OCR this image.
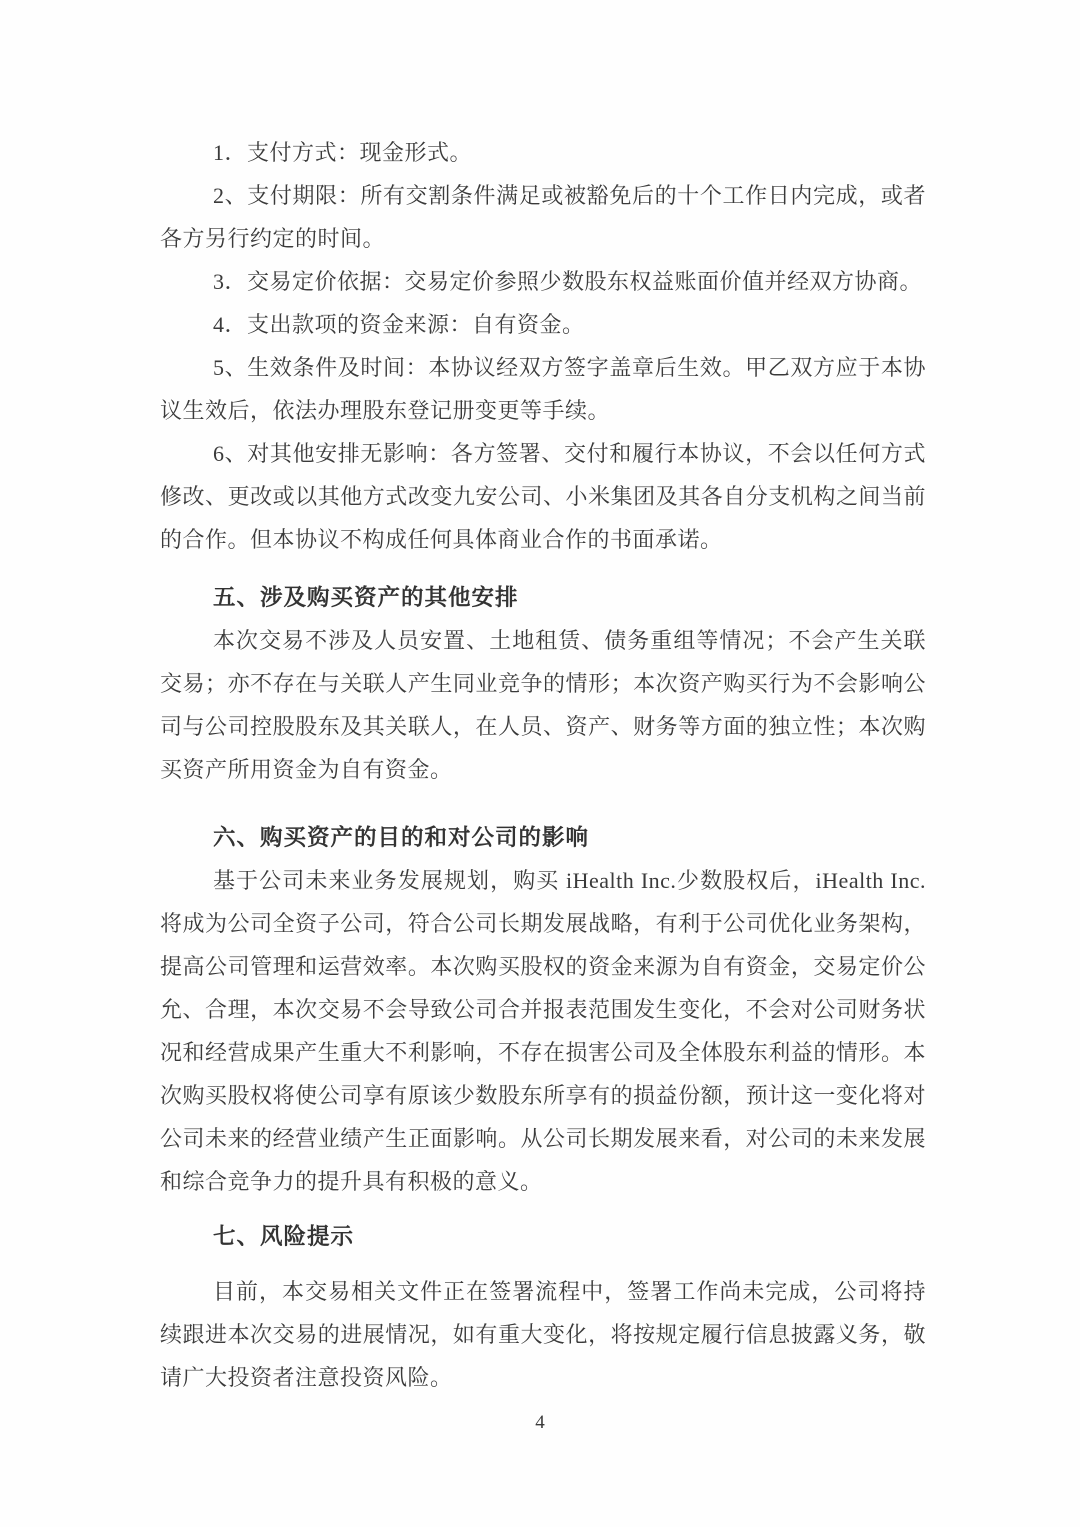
1．支付方式：现金形式。

2、支付期限：所有交割条件满足或被豁免后的十个工作日内完成，或者各方另行约定的时间。

3．交易定价依据：交易定价参照少数股东权益账面价值并经双方协商。

4．支出款项的资金来源：自有资金。

5、生效条件及时间：本协议经双方签字盖章后生效。甲乙双方应于本协议生效后，依法办理股东登记册变更等手续。

6、对其他安排无影响：各方签署、交付和履行本协议，不会以任何方式修改、更改或以其他方式改变九安公司、小米集团及其各自分支机构之间当前的合作。但本协议不构成任何具体商业合作的书面承诺。

五、涉及购买资产的其他安排

本次交易不涉及人员安置、土地租赁、债务重组等情况；不会产生关联交易；亦不存在与关联人产生同业竞争的情形；本次资产购买行为不会影响公司与公司控股股东及其关联人，在人员、资产、财务等方面的独立性；本次购买资产所用资金为自有资金。

六、购买资产的目的和对公司的影响

基于公司未来业务发展规划，购买 iHealth Inc.少数股权后，iHealth Inc.将成为公司全资子公司，符合公司长期发展战略，有利于公司优化业务架构，提高公司管理和运营效率。本次购买股权的资金来源为自有资金，交易定价公允、合理，本次交易不会导致公司合并报表范围发生变化，不会对公司财务状况和经营成果产生重大不利影响，不存在损害公司及全体股东利益的情形。本次购买股权将使公司享有原该少数股东所享有的损益份额，预计这一变化将对公司未来的经营业绩产生正面影响。从公司长期发展来看，对公司的未来发展和综合竞争力的提升具有积极的意义。

七、风险提示

目前，本交易相关文件正在签署流程中，签署工作尚未完成，公司将持续跟进本次交易的进展情况，如有重大变化，将按规定履行信息披露义务，敬请广大投资者注意投资风险。

4
